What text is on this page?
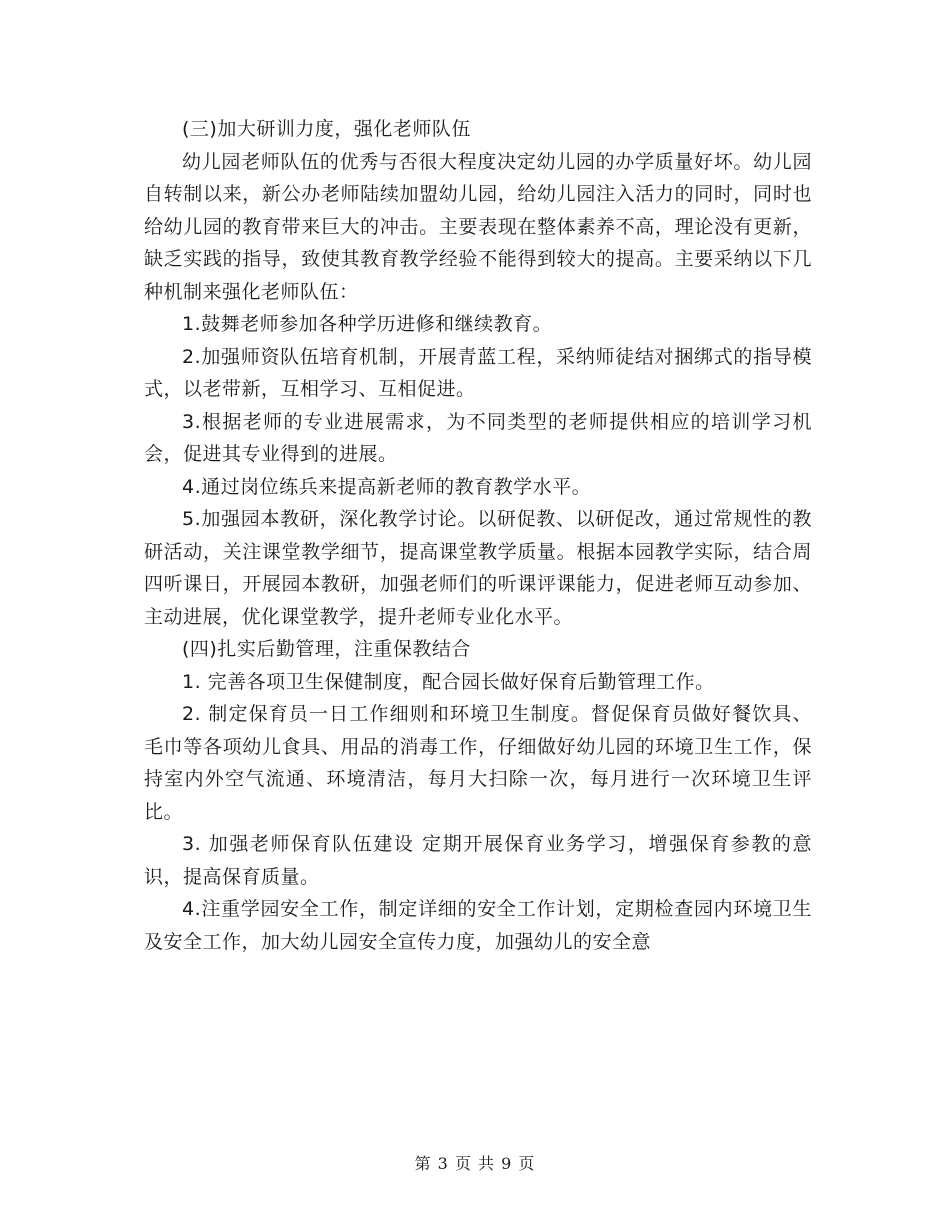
(三)加大研训力度，强化老师队伍

幼儿园老师队伍的优秀与否很大程度决定幼儿园的办学质量好坏。幼儿园自转制以来，新公办老师陆续加盟幼儿园，给幼儿园注入活力的同时，同时也给幼儿园的教育带来巨大的冲击。主要表现在整体素养不高，理论没有更新，缺乏实践的指导，致使其教育教学经验不能得到较大的提高。主要采纳以下几种机制来强化老师队伍：

1.鼓舞老师参加各种学历进修和继续教育。

2.加强师资队伍培育机制，开展青蓝工程，采纳师徒结对捆绑式的指导模式，以老带新，互相学习、互相促进。

3.根据老师的专业进展需求，为不同类型的老师提供相应的培训学习机会，促进其专业得到的进展。

4.通过岗位练兵来提高新老师的教育教学水平。

5.加强园本教研，深化教学讨论。以研促教、以研促改，通过常规性的教研活动，关注课堂教学细节，提高课堂教学质量。根据本园教学实际，结合周四听课日，开展园本教研，加强老师们的听课评课能力，促进老师互动参加、主动进展，优化课堂教学，提升老师专业化水平。

(四)扎实后勤管理，注重保教结合

1. 完善各项卫生保健制度，配合园长做好保育后勤管理工作。

2. 制定保育员一日工作细则和环境卫生制度。督促保育员做好餐饮具、毛巾等各项幼儿食具、用品的消毒工作，仔细做好幼儿园的环境卫生工作，保持室内外空气流通、环境清洁，每月大扫除一次，每月进行一次环境卫生评比。

3. 加强老师保育队伍建设 定期开展保育业务学习，增强保育参教的意识，提高保育质量。

4.注重学园安全工作，制定详细的安全工作计划，定期检查园内环境卫生及安全工作，加大幼儿园安全宣传力度，加强幼儿的安全意

第 3 页 共 9 页
